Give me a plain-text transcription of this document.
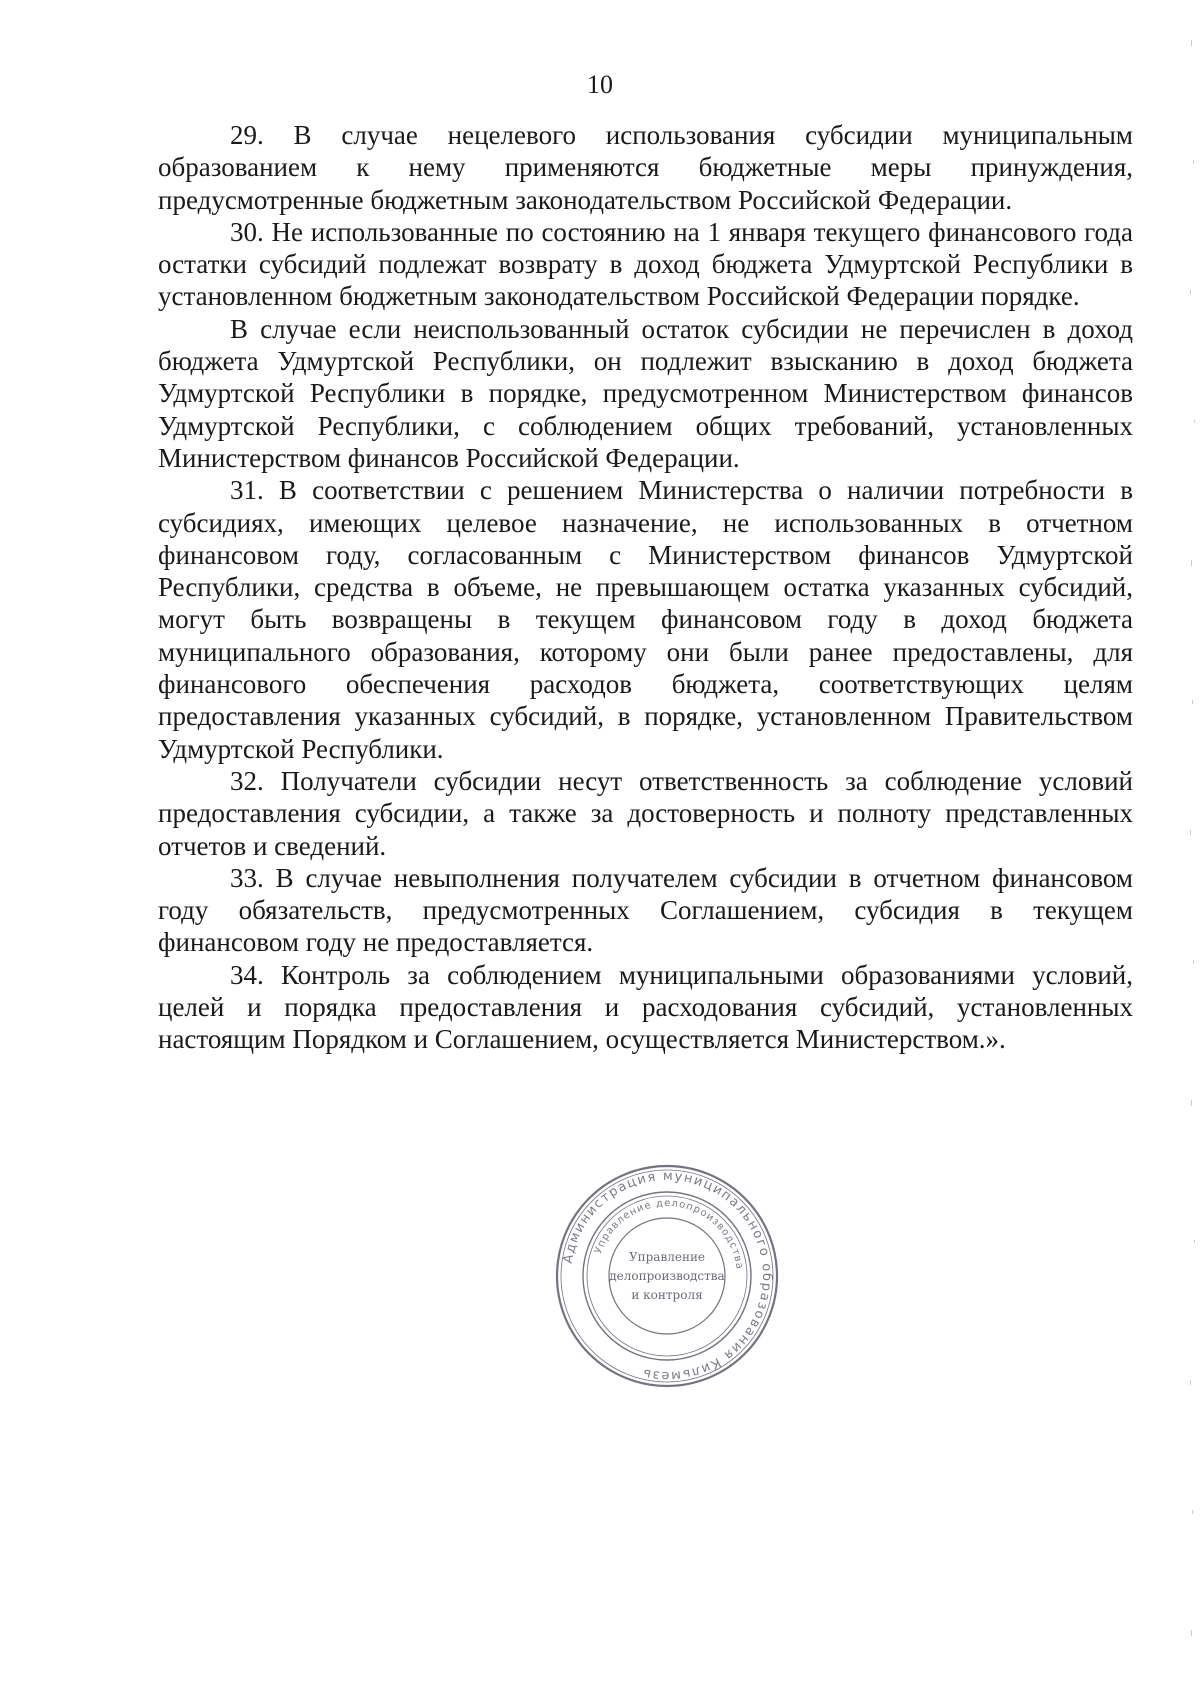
10

29. В случае нецелевого использования субсидии муниципальным образованием к нему применяются бюджетные меры принуждения, предусмотренные бюджетным законодательством Российской Федерации.

30. Не использованные по состоянию на 1 января текущего финансового года остатки субсидий подлежат возврату в доход бюджета Удмуртской Республики в установленном бюджетным законодательством Российской Федерации порядке.

В случае если неиспользованный остаток субсидии не перечислен в доход бюджета Удмуртской Республики, он подлежит взысканию в доход бюджета Удмуртской Республики в порядке, предусмотренном Министерством финансов Удмуртской Республики, с соблюдением общих требований, установленных Министерством финансов Российской Федерации.

31. В соответствии с решением Министерства о наличии потребности в субсидиях, имеющих целевое назначение, не использованных в отчетном финансовом году, согласованным с Министерством финансов Удмуртской Республики, средства в объеме, не превышающем остатка указанных субсидий, могут быть возвращены в текущем финансовом году в доход бюджета муниципального образования, которому они были ранее предоставлены, для финансового обеспечения расходов бюджета, соответствующих целям предоставления указанных субсидий, в порядке, установленном Правительством Удмуртской Республики.

32. Получатели субсидии несут ответственность за соблюдение условий предоставления субсидии, а также за достоверность и полноту представленных отчетов и сведений.

33. В случае невыполнения получателем субсидии в отчетном финансовом году обязательств, предусмотренных Соглашением, субсидия в текущем финансовом году не предоставляется.

34. Контроль за соблюдением муниципальными образованиями условий, целей и порядка предоставления и расходования субсидий, установленных настоящим Порядком и Соглашением, осуществляется Министерством.».

Администрация муниципального образования Кильмезь
Управление делопроизводства
Управление
делопроизводства
и контроля
